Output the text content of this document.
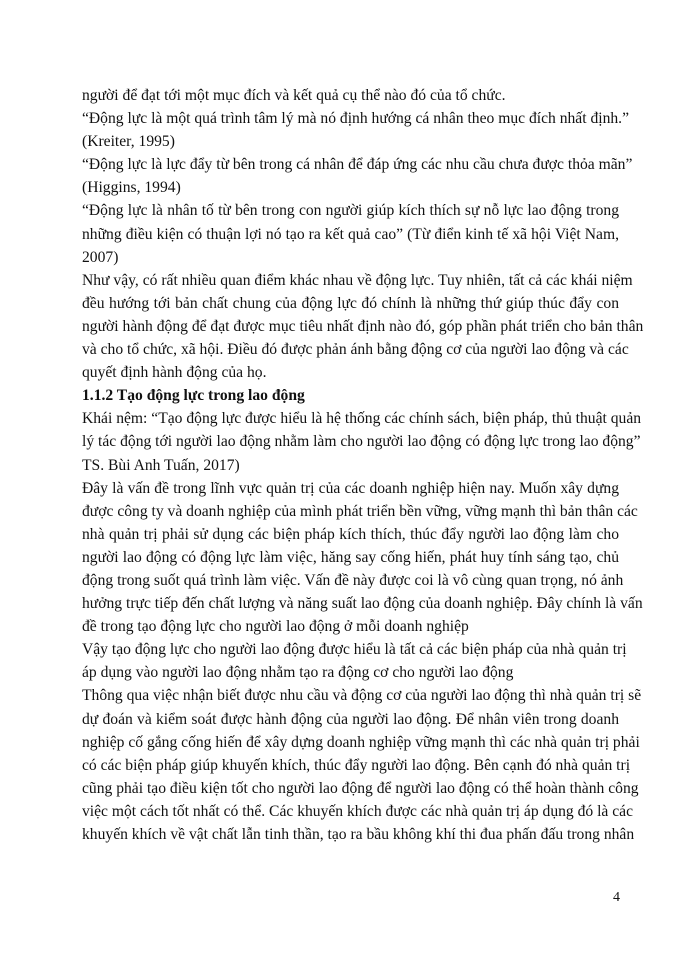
người để đạt tới một mục đích và kết quả cụ thể nào đó của tổ chức.
“Động lực là một quá trình tâm lý mà nó định hướng cá nhân theo mục đích nhất định.”
(Kreiter, 1995)
“Động lực là lực đẩy từ bên trong cá nhân để đáp ứng các nhu cầu chưa được thỏa mãn”
(Higgins, 1994)
“Động lực là nhân tố từ bên trong con người giúp kích thích sự nỗ lực lao động trong
những điều kiện có thuận lợi nó tạo ra kết quả cao” (Từ điển kinh tế xã hội Việt Nam,
2007)
Như vậy, có rất nhiều quan điểm khác nhau về động lực. Tuy nhiên, tất cả các khái niệm
đều hướng tới bản chất chung của động lực đó chính là những thứ giúp thúc đẩy con
người hành động để đạt được mục tiêu nhất định nào đó, góp phần phát triển cho bản thân
và cho tổ chức, xã hội. Điều đó được phản ánh bằng động cơ của người lao động và các
quyết định hành động của họ.
1.1.2 Tạo động lực trong lao động
Khái nệm: “Tạo động lực được hiểu là hệ thống các chính sách, biện pháp, thủ thuật quản
lý tác động tới người lao động nhằm làm cho người lao động có động lực trong lao động”
TS. Bùi Anh Tuấn, 2017)
Đây là vấn đề trong lĩnh vực quản trị của các doanh nghiệp hiện nay. Muốn xây dựng
được công ty và doanh nghiệp của mình phát triển bền vững, vững mạnh thì bản thân các
nhà quản trị phải sử dụng các biện pháp kích thích, thúc đẩy người lao động làm cho
người lao động có động lực làm việc, hăng say cống hiến, phát huy tính sáng tạo, chủ
động trong suốt quá trình làm việc. Vấn đề này được coi là vô cùng quan trọng, nó ảnh
hưởng trực tiếp đến chất lượng và năng suất lao động của doanh nghiệp. Đây chính là vấn
đề trong tạo động lực cho người lao động ở mỗi doanh nghiệp
Vậy tạo động lực cho người lao động được hiểu là tất cả các biện pháp của nhà quản trị
áp dụng vào người lao động nhằm tạo ra động cơ cho người lao động
Thông qua việc nhận biết được nhu cầu và động cơ của người lao động thì nhà quản trị sẽ
dự đoán và kiểm soát được hành động của người lao động. Để nhân viên trong doanh
nghiệp cố gắng cống hiến để xây dựng doanh nghiệp vững mạnh thì các nhà quản trị phải
có các biện pháp giúp khuyến khích, thúc đẩy người lao động. Bên cạnh đó nhà quản trị
cũng phải tạo điều kiện tốt cho người lao động để người lao động có thể hoàn thành công
việc một cách tốt nhất có thể. Các khuyến khích được các nhà quản trị áp dụng đó là các
khuyến khích về vật chất lẫn tinh thần, tạo ra bầu không khí thi đua phấn đấu trong nhân
4
